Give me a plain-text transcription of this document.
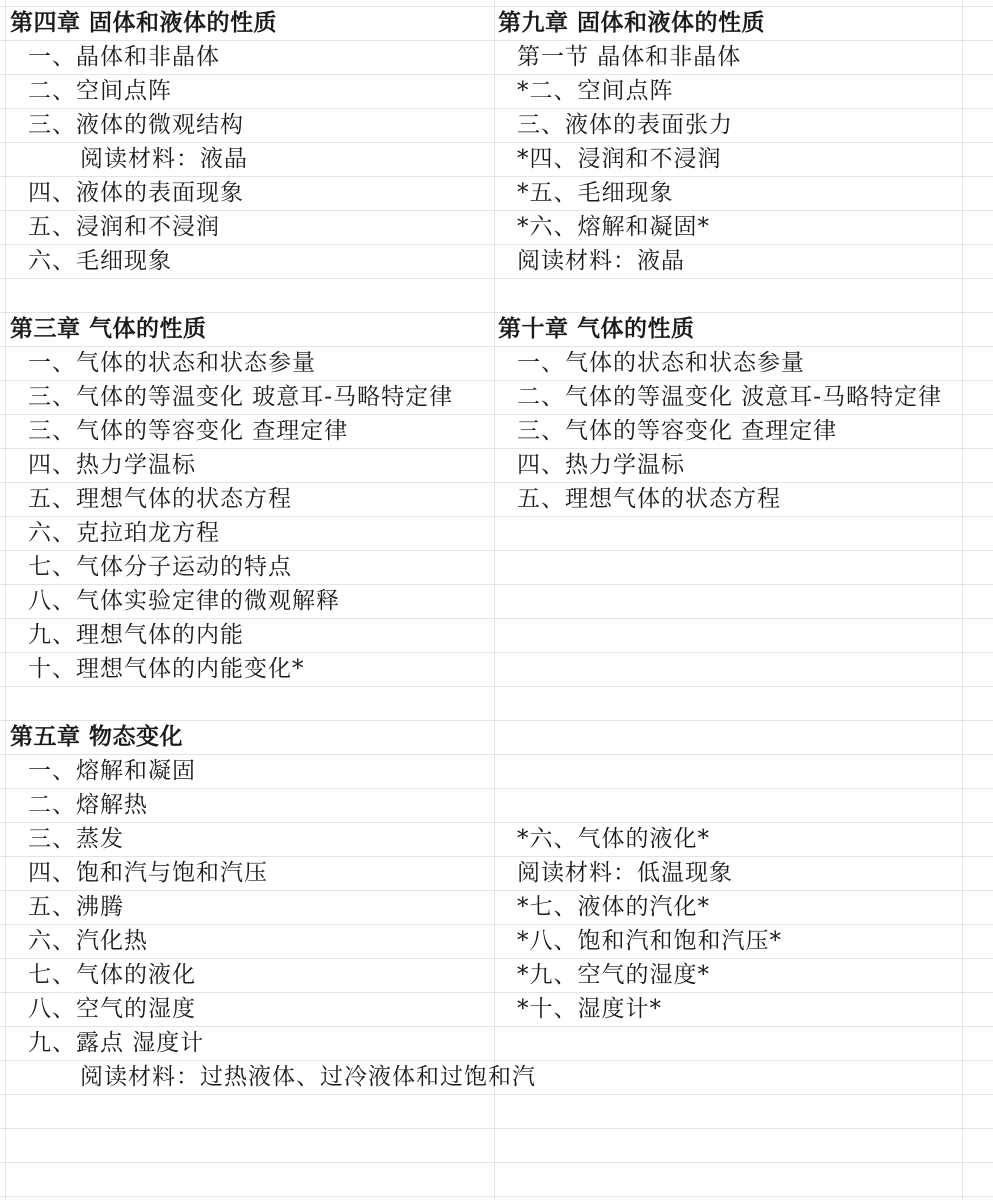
第四章 固体和液体的性质
一、晶体和非晶体
二、空间点阵
三、液体的微观结构
阅读材料：液晶
四、液体的表面现象
五、浸润和不浸润
六、毛细现象
第三章 气体的性质
一、气体的状态和状态参量
三、气体的等温变化 玻意耳-马略特定律
三、气体的等容变化 查理定律
四、热力学温标
五、理想气体的状态方程
六、克拉珀龙方程
七、气体分子运动的特点
八、气体实验定律的微观解释
九、理想气体的内能
十、理想气体的内能变化*
第五章 物态变化
一、熔解和凝固
二、熔解热
三、蒸发
四、饱和汽与饱和汽压
五、沸腾
六、汽化热
七、气体的液化
八、空气的湿度
九、露点 湿度计
阅读材料：过热液体、过冷液体和过饱和汽
第九章 固体和液体的性质
第一节 晶体和非晶体
*二、空间点阵
三、液体的表面张力
*四、浸润和不浸润
*五、毛细现象
*六、熔解和凝固*
阅读材料：液晶
第十章 气体的性质
一、气体的状态和状态参量
二、气体的等温变化 波意耳-马略特定律
三、气体的等容变化 查理定律
四、热力学温标
五、理想气体的状态方程
*六、气体的液化*
阅读材料：低温现象
*七、液体的汽化*
*八、饱和汽和饱和汽压*
*九、空气的湿度*
*十、湿度计*
